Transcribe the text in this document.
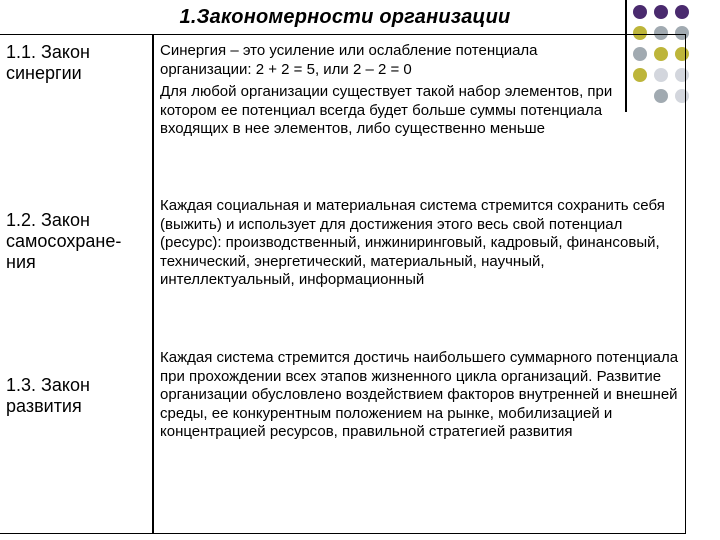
1.Закономерности организации
1.1. Закон синергии

Синергия – это усиление или ослабление потенциала организации: 2 + 2 = 5, или 2 – 2 = 0

Для любой организации существует такой набор элементов, при котором ее потенциал всегда будет больше суммы потенциала входящих в нее элементов, либо существенно меньше

1.2. Закон самосохране-ния

Каждая социальная и материальная система стремится сохранить себя (выжить) и использует для достижения этого весь свой потенциал (ресурс): производственный, инжиниринговый, кадровый, финансовый, технический, энергетический, материальный, научный, интеллектуальный, информационный

1.3. Закон развития

Каждая система стремится достичь наибольшего суммарного потенциала при прохождении всех этапов жизненного цикла организаций. Развитие организации обусловлено воздействием факторов внутренней и внешней среды, ее конкурентным положением на рынке, мобилизацией и концентрацией ресурсов, правильной стратегией развития
